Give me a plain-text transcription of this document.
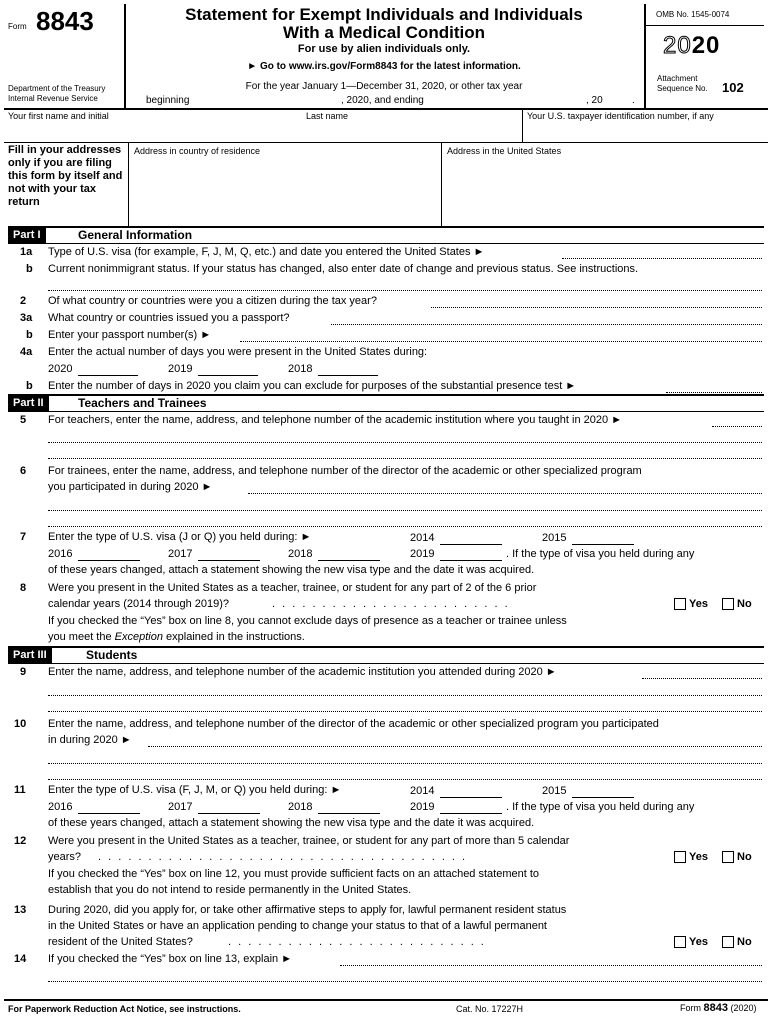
Form 8843
Department of the Treasury
Internal Revenue Service
Statement for Exempt Individuals and Individuals
With a Medical Condition
For use by alien individuals only.
► Go to www.irs.gov/Form8843 for the latest information.
For the year January 1—December 31, 2020, or other tax year
beginning	, 2020, and ending	, 20	.
OMB No. 1545-0074
2020
Attachment
Sequence No. 102
Your first name and initial	Last name	Your U.S. taxpayer identification number, if any
Fill in your addresses only if you are filing this form by itself and not with your tax return
Address in country of residence	Address in the United States
Part I	General Information
1a Type of U.S. visa (for example, F, J, M, Q, etc.) and date you entered the United States ►
b Current nonimmigrant status. If your status has changed, also enter date of change and previous status. See instructions.
2 Of what country or countries were you a citizen during the tax year?
3a What country or countries issued you a passport?
b Enter your passport number(s) ►
4a Enter the actual number of days you were present in the United States during:
2020	2019	2018
b Enter the number of days in 2020 you claim you can exclude for purposes of the substantial presence test ►
Part II	Teachers and Trainees
5 For teachers, enter the name, address, and telephone number of the academic institution where you taught in 2020 ►
6 For trainees, enter the name, address, and telephone number of the director of the academic or other specialized program
you participated in during 2020 ►
7 Enter the type of U.S. visa (J or Q) you held during: ►	2014	2015
2016	2017	2018	2019	. If the type of visa you held during any
of these years changed, attach a statement showing the new visa type and the date it was acquired.
8 Were you present in the United States as a teacher, trainee, or student for any part of 2 of the 6 prior
calendar years (2014 through 2019)?	. . . . . . . . . . . . . . . . . . . . . . . .	Yes	No
If you checked the “Yes” box on line 8, you cannot exclude days of presence as a teacher or trainee unless
you meet the Exception explained in the instructions.
Part III	Students
9 Enter the name, address, and telephone number of the academic institution you attended during 2020 ►
10 Enter the name, address, and telephone number of the director of the academic or other specialized program you participated
in during 2020 ►
11 Enter the type of U.S. visa (F, J, M, or Q) you held during: ►	2014	2015
2016	2017	2018	2019	. If the type of visa you held during any
of these years changed, attach a statement showing the new visa type and the date it was acquired.
12 Were you present in the United States as a teacher, trainee, or student for any part of more than 5 calendar
years? . . . . . . . . . . . . . . . . . . . . . . . . . . . . . . . . . . . . .	Yes	No
If you checked the “Yes” box on line 12, you must provide sufficient facts on an attached statement to
establish that you do not intend to reside permanently in the United States.
13 During 2020, did you apply for, or take other affirmative steps to apply for, lawful permanent resident status
in the United States or have an application pending to change your status to that of a lawful permanent
resident of the United States?	. . . . . . . . . . . . . . . . . . . . . . . . . .	Yes	No
14 If you checked the “Yes” box on line 13, explain ►
For Paperwork Reduction Act Notice, see instructions.	Cat. No. 17227H	Form 8843 (2020)
